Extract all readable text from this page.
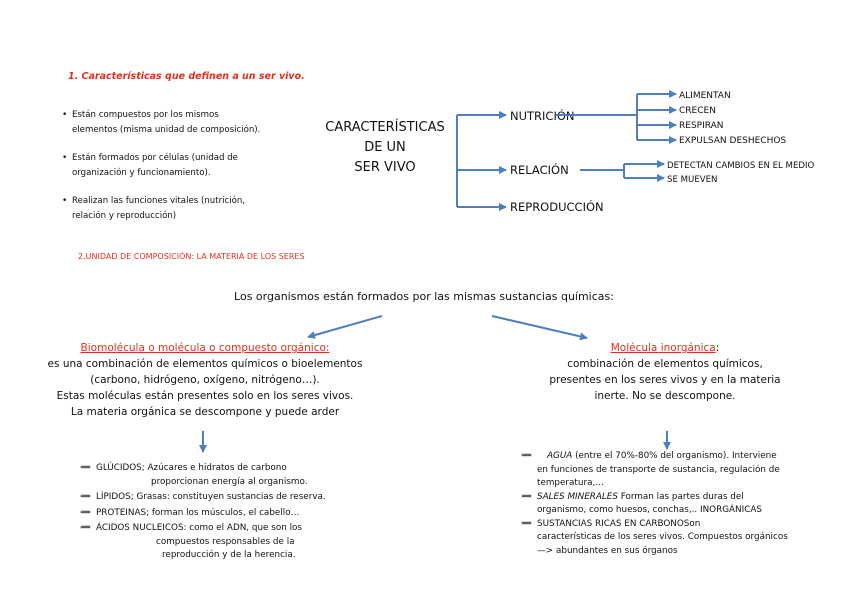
1. Características que definen a un ser vivo.
• Están compuestos por los mismos
elementos (misma unidad de composición).
• Están formados por células (unidad de
organización y funcionamiento).
• Realizan las funciones vitales (nutrición,
relación y reproducción)
CARACTERÍSTICAS
DE UN
SER VIVO
NUTRICIÓN
RELACIÓN
REPRODUCCIÓN
ALIMENTAN
CRECEN
RESPIRAN
EXPULSAN DESHECHOS
DETECTAN CAMBIOS EN EL MEDIO
SE MUEVEN
2.UNIDAD DE COMPOSICIÓN: LA MATERIA DE LOS SERES
Los organismos están formados por las mismas sustancias químicas:
Biomolécula o molécula o compuesto orgánico:
es una combinación de elementos químicos o bioelementos
(carbono, hidrógeno, oxígeno, nitrógeno…).
Estas moléculas están presentes solo en los seres vivos.
La materia orgánica se descompone y puede arder
Molécula inorgánica:
combinación de elementos químicos,
presentes en los seres vivos y en la materia
inerte. No se descompone.
➖ GLÚCIDOS; Azúcares e hidratos de carbono
proporcionan energía al organismo.
➖ LÍPIDOS; Grasas: constituyen sustancias de reserva.
➖ PROTEINAS; forman los músculos, el cabello…
➖ ÁCIDOS NUCLEICOS: como el ADN, que son los
compuestos responsables de la
reproducción y de la herencia.
➖ AGUA (entre el 70%-80% del organismo). Interviene
en funciones de transporte de sustancia, regulación de
temperatura,…
➖ SALES MINERALES Forman las partes duras del
organismo, como huesos, conchas,.. INORGÁNICAS
➖ SUSTANCIAS RICAS EN CARBONOSon
características de los seres vivos. Compuestos orgánicos
—> abundantes en sus órganos
